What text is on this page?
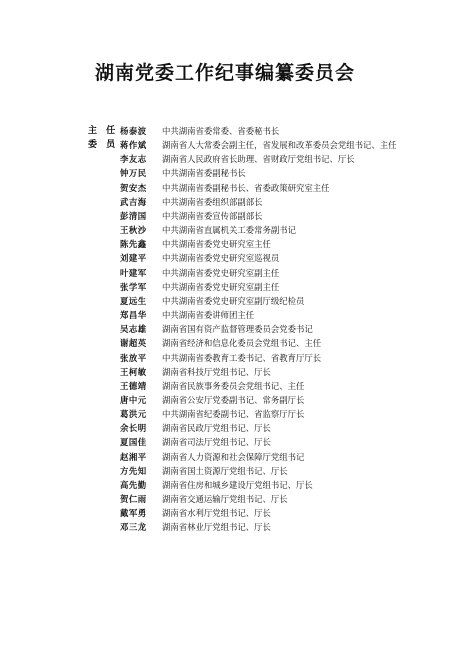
湖南党委工作纪事编纂委员会
主 任 杨泰波	中共湖南省委常委、省委秘书长
委 员 蒋作斌	湖南省人大常委会副主任，省发展和改革委员会党组书记、主任
李友志	湖南省人民政府省长助理、省财政厅党组书记、厅长
钟万民	中共湖南省委副秘书长
贺安杰	中共湖南省委副秘书长、省委政策研究室主任
武吉海	中共湖南省委组织部副部长
彭清国	中共湖南省委宣传部副部长
王秋沙	中共湖南省直属机关工委常务副书记
陈先鑫	中共湖南省委党史研究室主任
刘建平	中共湖南省委党史研究室巡视员
叶建军	中共湖南省委党史研究室副主任
张学军	中共湖南省委党史研究室副主任
夏远生	中共湖南省委党史研究室副厅级纪检员
郑昌华	中共湖南省委讲师团主任
吴志雄	湖南省国有资产监督管理委员会党委书记
谢超英	湖南省经济和信息化委员会党组书记、主任
张放平	中共湖南省委教育工委书记、省教育厅厅长
王柯敏	湖南省科技厅党组书记、厅长
王德靖	湖南省民族事务委员会党组书记、主任
唐中元	湖南省公安厅党委副书记、常务副厅长
葛洪元	中共湖南省纪委副书记、省监察厅厅长
余长明	湖南省民政厅党组书记、厅长
夏国佳	湖南省司法厅党组书记、厅长
赵湘平	湖南省人力资源和社会保障厅党组书记
方先知	湖南省国土资源厅党组书记、厅长
高先勤	湖南省住房和城乡建设厅党组书记、厅长
贺仁雨	湖南省交通运输厅党组书记、厅长
戴军勇	湖南省水利厅党组书记、厅长
邓三龙	湖南省林业厅党组书记、厅长
